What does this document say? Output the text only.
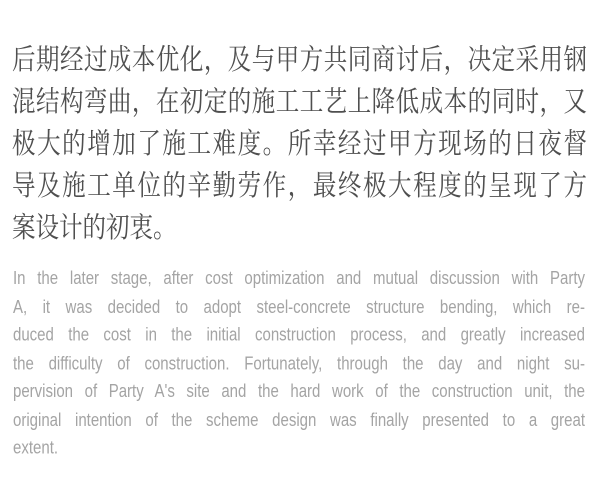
后期经过成本优化，及与甲方共同商讨后，决定采用钢
混结构弯曲，在初定的施工工艺上降低成本的同时，又
极大的增加了施工难度。所幸经过甲方现场的日夜督
导及施工单位的辛勤劳作，最终极大程度的呈现了方
案设计的初衷。
In the later stage, after cost optimization and mutual discussion with Party
A, it was decided to adopt steel-concrete structure bending, which re-
duced the cost in the initial construction process, and greatly increased
the difficulty of construction. Fortunately, through the day and night su-
pervision of Party A's site and the hard work of the construction unit, the
original intention of the scheme design was finally presented to a great
extent.
